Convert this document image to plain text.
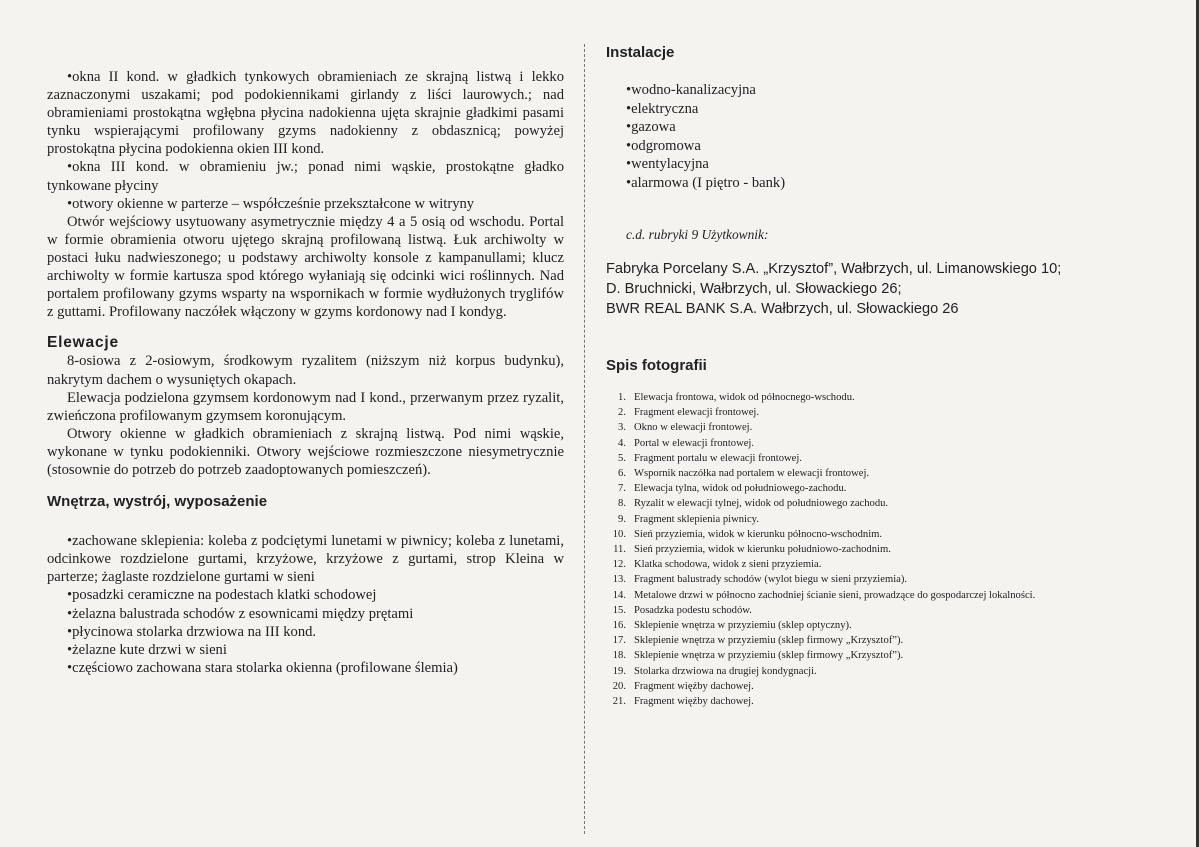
•okna II kond. w gładkich tynkowych obramieniach ze skrajną listwą i lekko zaznaczonymi uszakami; pod podokiennikami girlandy z liści laurowych.; nad obramieniami prostokątna wgłębna płycina nadokienna ujęta skrajnie gładkimi pasami tynku wspierającymi profilowany gzyms nadokienny z obdasznicą; powyżej prostokątna płycina podokienna okien III kond.

•okna III kond. w obramieniu jw.; ponad nimi wąskie, prostokątne gładko tynkowane płyciny

•otwory okienne w parterze – współcześnie przekształcone w witryny

Otwór wejściowy usytuowany asymetrycznie między 4 a 5 osią od wschodu. Portal w formie obramienia otworu ujętego skrajną profilowaną listwą. Łuk archiwolty w postaci łuku nadwieszonego; u podstawy archiwolty konsole z kampanullami; klucz archiwolty w formie kartusza spod którego wyłaniają się odcinki wici roślinnych. Nad portalem profilowany gzyms wsparty na wspornikach w formie wydłużonych tryglifów z guttami. Profilowany naczółek włączony w gzyms kordonowy nad I kondyg.

Elewacje

8-osiowa z 2-osiowym, środkowym ryzalitem (niższym niż korpus budynku), nakrytym dachem o wysuniętych okapach.

Elewacja podzielona gzymsem kordonowym nad I kond., przerwanym przez ryzalit, zwieńczona profilowanym gzymsem koronującym.

Otwory okienne w gładkich obramieniach z skrajną listwą. Pod nimi wąskie, wykonane w tynku podokienniki. Otwory wejściowe rozmieszczone niesymetrycznie (stosownie do potrzeb do potrzeb zaadoptowanych pomieszczeń).

Wnętrza, wystrój, wyposażenie

•zachowane sklepienia: koleba z podciętymi lunetami w piwnicy; koleba z lunetami, odcinkowe rozdzielone gurtami, krzyżowe, krzyżowe z gurtami, strop Kleina w parterze; żaglaste rozdzielone gurtami w sieni

•posadzki ceramiczne na podestach klatki schodowej

•żelazna balustrada schodów z esownicami między prętami

•płycinowa stolarka drzwiowa na III kond.

•żelazne kute drzwi w sieni

•częściowo zachowana stara stolarka okienna (profilowane ślemia)

Instalacje

•wodno-kanalizacyjna

•elektryczna

•gazowa

•odgromowa

•wentylacyjna

•alarmowa (I piętro - bank)

c.d. rubryki 9 Użytkownik:

Fabryka Porcelany S.A. „Krzysztof”, Wałbrzych, ul. Limanowskiego 10;
D. Bruchnicki, Wałbrzych, ul. Słowackiego 26;
BWR REAL BANK S.A. Wałbrzych, ul. Słowackiego 26
Spis fotografii
1. Elewacja frontowa, widok od północnego-wschodu.
2. Fragment elewacji frontowej.
3. Okno w elewacji frontowej.
4. Portal w elewacji frontowej.
5. Fragment portalu w elewacji frontowej.
6. Wspornik naczółka nad portalem w elewacji frontowej.
7. Elewacja tylna, widok od południowego-zachodu.
8. Ryzalit w elewacji tylnej, widok od południowego zachodu.
9. Fragment sklepienia piwnicy.
10. Sień przyziemia, widok w kierunku północno-wschodnim.
11. Sień przyziemia, widok w kierunku południowo-zachodnim.
12. Klatka schodowa, widok z sieni przyziemia.
13. Fragment balustrady schodów (wylot biegu w sieni przyziemia).
14. Metalowe drzwi w północno zachodniej ścianie sieni, prowadzące do gospodarczej lokalności.
15. Posadzka podestu schodów.
16. Sklepienie wnętrza w przyziemiu (sklep optyczny).
17. Sklepienie wnętrza w przyziemiu (sklep firmowy „Krzysztof”).
18. Sklepienie wnętrza w przyziemiu (sklep firmowy „Krzysztof”).
19. Stolarka drzwiowa na drugiej kondygnacji.
20. Fragment więźby dachowej.
21. Fragment więźby dachowej.
